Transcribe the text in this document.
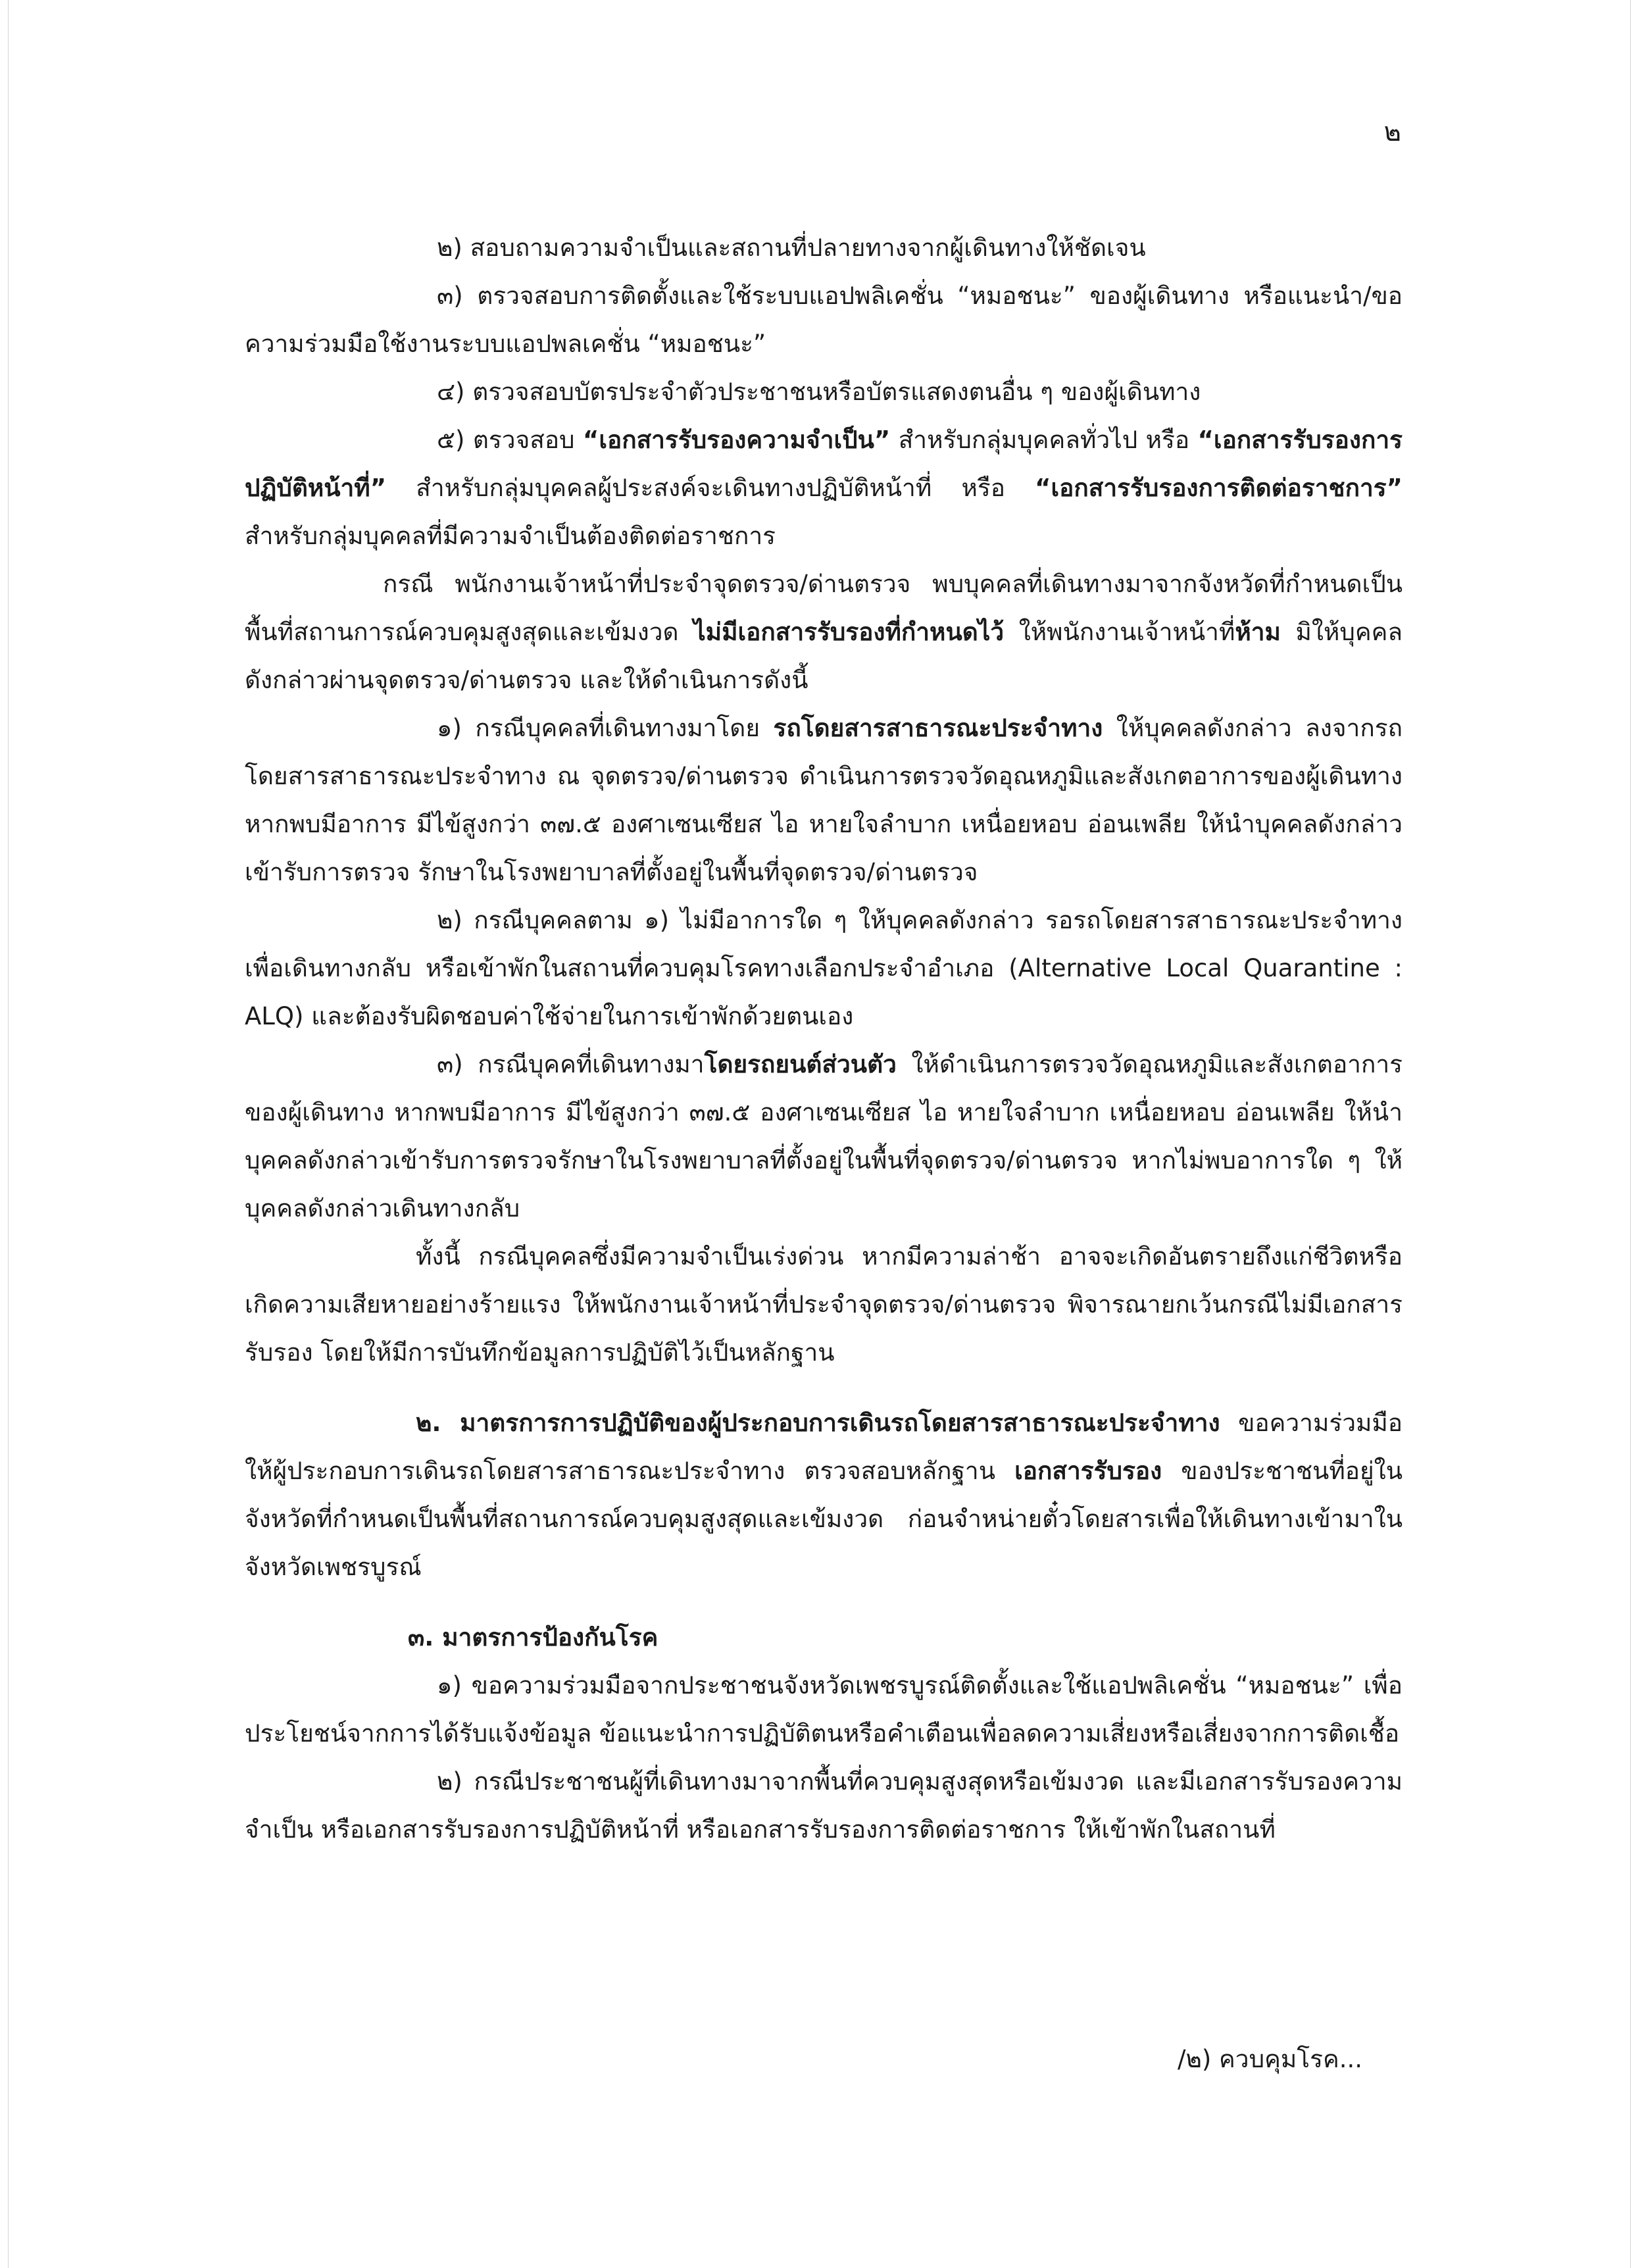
๒

๒) สอบถามความจำเป็นและสถานที่ปลายทางจากผู้เดินทางให้ชัดเจน

๓) ตรวจสอบการติดตั้งและใช้ระบบแอปพลิเคชั่น “หมอชนะ” ของผู้เดินทาง หรือแนะนำ/ขอความร่วมมือใช้งานระบบแอปพลเคชั่น “หมอชนะ”

๔) ตรวจสอบบัตรประจำตัวประชาชนหรือบัตรแสดงตนอื่น ๆ ของผู้เดินทาง

๕) ตรวจสอบ “เอกสารรับรองความจำเป็น” สำหรับกลุ่มบุคคลทั่วไป หรือ “เอกสารรับรองการปฏิบัติหน้าที่” สำหรับกลุ่มบุคคลผู้ประสงค์จะเดินทางปฏิบัติหน้าที่ หรือ “เอกสารรับรองการติดต่อราชการ” สำหรับกลุ่มบุคคลที่มีความจำเป็นต้องติดต่อราชการ

กรณี พนักงานเจ้าหน้าที่ประจำจุดตรวจ/ด่านตรวจ พบบุคคลที่เดินทางมาจากจังหวัดที่กำหนดเป็นพื้นที่สถานการณ์ควบคุมสูงสุดและเข้มงวด ไม่มีเอกสารรับรองที่กำหนดไว้ ให้พนักงานเจ้าหน้าที่ห้าม มิให้บุคคลดังกล่าวผ่านจุดตรวจ/ด่านตรวจ และให้ดำเนินการดังนี้

๑) กรณีบุคคลที่เดินทางมาโดย รถโดยสารสาธารณะประจำทาง ให้บุคคลดังกล่าว ลงจากรถโดยสารสาธารณะประจำทาง ณ จุดตรวจ/ด่านตรวจ ดำเนินการตรวจวัดอุณหภูมิและสังเกตอาการของผู้เดินทาง หากพบมีอาการ มีไข้สูงกว่า ๓๗.๕ องศาเซนเซียส ไอ หายใจลำบาก เหนื่อยหอบ อ่อนเพลีย ให้นำบุคคลดังกล่าวเข้ารับการตรวจ รักษาในโรงพยาบาลที่ตั้งอยู่ในพื้นที่จุดตรวจ/ด่านตรวจ

๒) กรณีบุคคลตาม ๑) ไม่มีอาการใด ๆ ให้บุคคลดังกล่าว รอรถโดยสารสาธารณะประจำทาง เพื่อเดินทางกลับ หรือเข้าพักในสถานที่ควบคุมโรคทางเลือกประจำอำเภอ (Alternative Local Quarantine : ALQ) และต้องรับผิดชอบค่าใช้จ่ายในการเข้าพักด้วยตนเอง

๓) กรณีบุคคที่เดินทางมาโดยรถยนต์ส่วนตัว ให้ดำเนินการตรวจวัดอุณหภูมิและสังเกตอาการของผู้เดินทาง หากพบมีอาการ มีไข้สูงกว่า ๓๗.๕ องศาเซนเซียส ไอ หายใจลำบาก เหนื่อยหอบ อ่อนเพลีย ให้นำบุคคลดังกล่าวเข้ารับการตรวจรักษาในโรงพยาบาลที่ตั้งอยู่ในพื้นที่จุดตรวจ/ด่านตรวจ หากไม่พบอาการใด ๆ ให้บุคคลดังกล่าวเดินทางกลับ

ทั้งนี้ กรณีบุคคลซึ่งมีความจำเป็นเร่งด่วน หากมีความล่าช้า อาจจะเกิดอันตรายถึงแก่ชีวิตหรือเกิดความเสียหายอย่างร้ายแรง ให้พนักงานเจ้าหน้าที่ประจำจุดตรวจ/ด่านตรวจ พิจารณายกเว้นกรณีไม่มีเอกสารรับรอง โดยให้มีการบันทึกข้อมูลการปฏิบัติไว้เป็นหลักฐาน

๒. มาตรการการปฏิบัติของผู้ประกอบการเดินรถโดยสารสาธารณะประจำทาง ขอความร่วมมือให้ผู้ประกอบการเดินรถโดยสารสาธารณะประจำทาง ตรวจสอบหลักฐาน เอกสารรับรอง ของประชาชนที่อยู่ในจังหวัดที่กำหนดเป็นพื้นที่สถานการณ์ควบคุมสูงสุดและเข้มงวด ก่อนจำหน่ายตั๋วโดยสารเพื่อให้เดินทางเข้ามาในจังหวัดเพชรบูรณ์

๓. มาตรการป้องกันโรค

๑) ขอความร่วมมือจากประชาชนจังหวัดเพชรบูรณ์ติดตั้งและใช้แอปพลิเคชั่น “หมอชนะ” เพื่อประโยชน์จากการได้รับแจ้งข้อมูล ข้อแนะนำการปฏิบัติตนหรือคำเตือนเพื่อลดความเสี่ยงหรือเสี่ยงจากการติดเชื้อ

๒) กรณีประชาชนผู้ที่เดินทางมาจากพื้นที่ควบคุมสูงสุดหรือเข้มงวด และมีเอกสารรับรองความจำเป็น หรือเอกสารรับรองการปฏิบัติหน้าที่ หรือเอกสารรับรองการติดต่อราชการ ให้เข้าพักในสถานที่

/๒) ควบคุมโรค...
